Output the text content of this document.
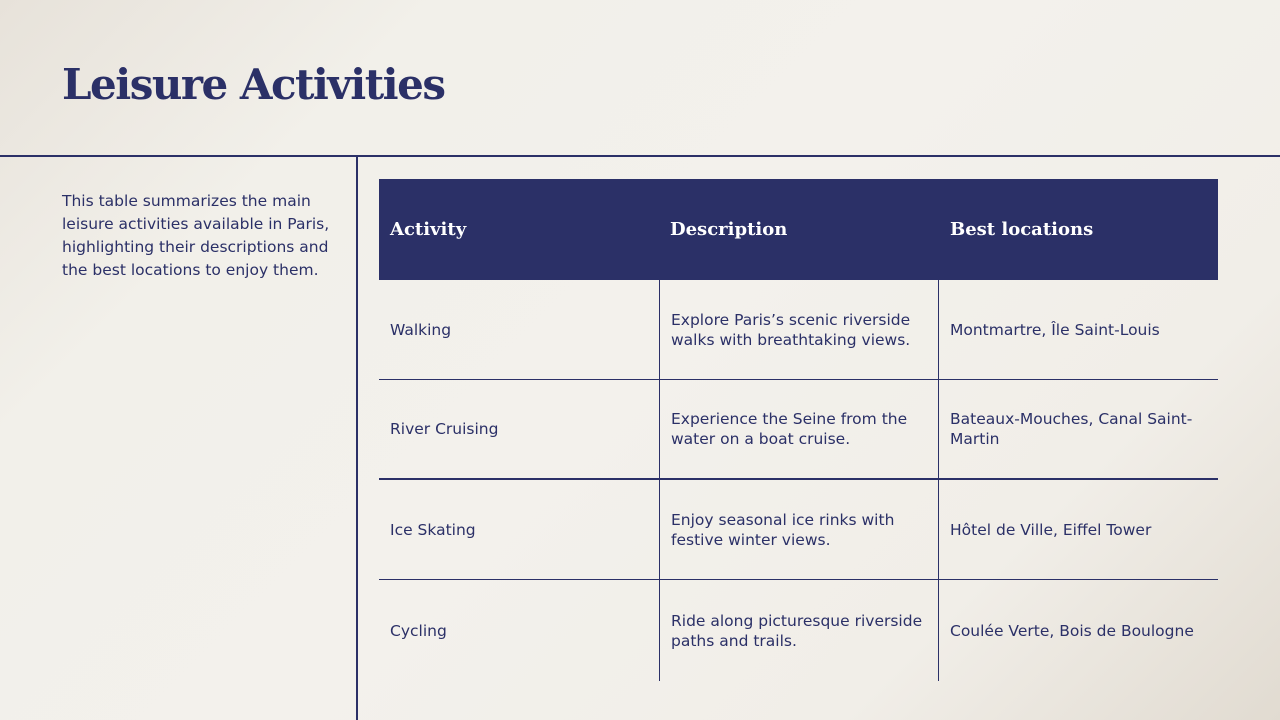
Leisure Activities

This table summarizes the main leisure activities available in Paris, highlighting their descriptions and the best locations to enjoy them.

Activity	Description	Best locations
Walking
Explore Paris’s scenic riverside walks with breathtaking views.
Montmartre, Île Saint-Louis
River Cruising
Experience the Seine from the water on a boat cruise.
Bateaux-Mouches, Canal Saint-Martin
Ice Skating
Enjoy seasonal ice rinks with festive winter views.
Hôtel de Ville, Eiffel Tower
Cycling
Ride along picturesque riverside paths and trails.
Coulée Verte, Bois de Boulogne
